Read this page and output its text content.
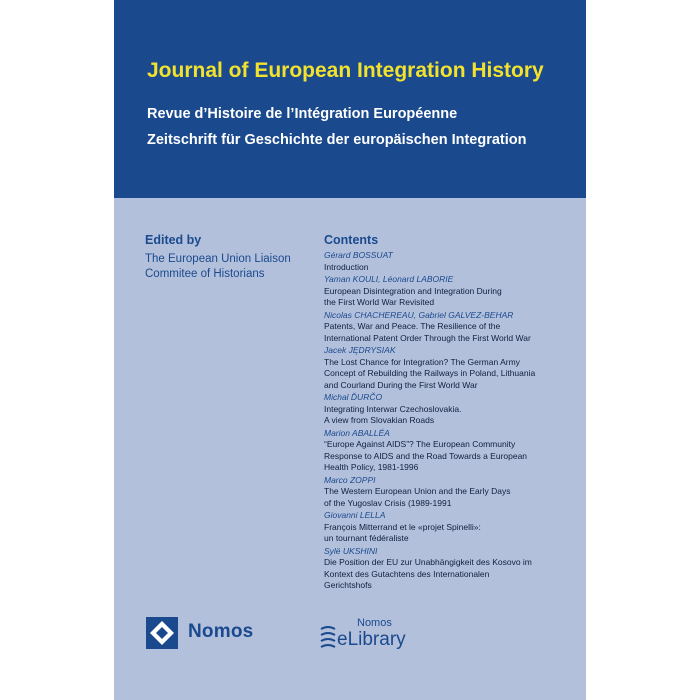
Journal of European Integration History
Revue d’Histoire de l’Intégration Européenne
Zeitschrift für Geschichte der europäischen Integration
Edited by
The European Union Liaison
Commitee of Historians
Contents
Gérard BOSSUAT
Introduction
Yaman KOULI, Léonard LABORIE
European Disintegration and Integration During
the First World War Revisited
Nicolas CHACHEREAU, Gabriel GALVEZ-BEHAR
Patents, War and Peace. The Resilience of the
International Patent Order Through the First World War
Jacek JĘDRYSIAK
The Lost Chance for Integration? The German Army
Concept of Rebuilding the Railways in Poland, Lithuania
and Courland During the First World War
Michal ĎURČO
Integrating Interwar Czechoslovakia.
A view from Slovakian Roads
Marion ABALLÉA
“Europe Against AIDS”? The European Community
Response to AIDS and the Road Towards a European
Health Policy, 1981-1996
Marco ZOPPI
The Western European Union and the Early Days
of the Yugoslav Crisis (1989-1991
Giovanni LELLA
François Mitterrand et le «projet Spinelli»:
un tournant fédéraliste
Sylë UKSHINI
Die Position der EU zur Unabhängigkeit des Kosovo im
Kontext des Gutachtens des Internationalen
Gerichtshofs
Nomos	Nomos
eLibrary
